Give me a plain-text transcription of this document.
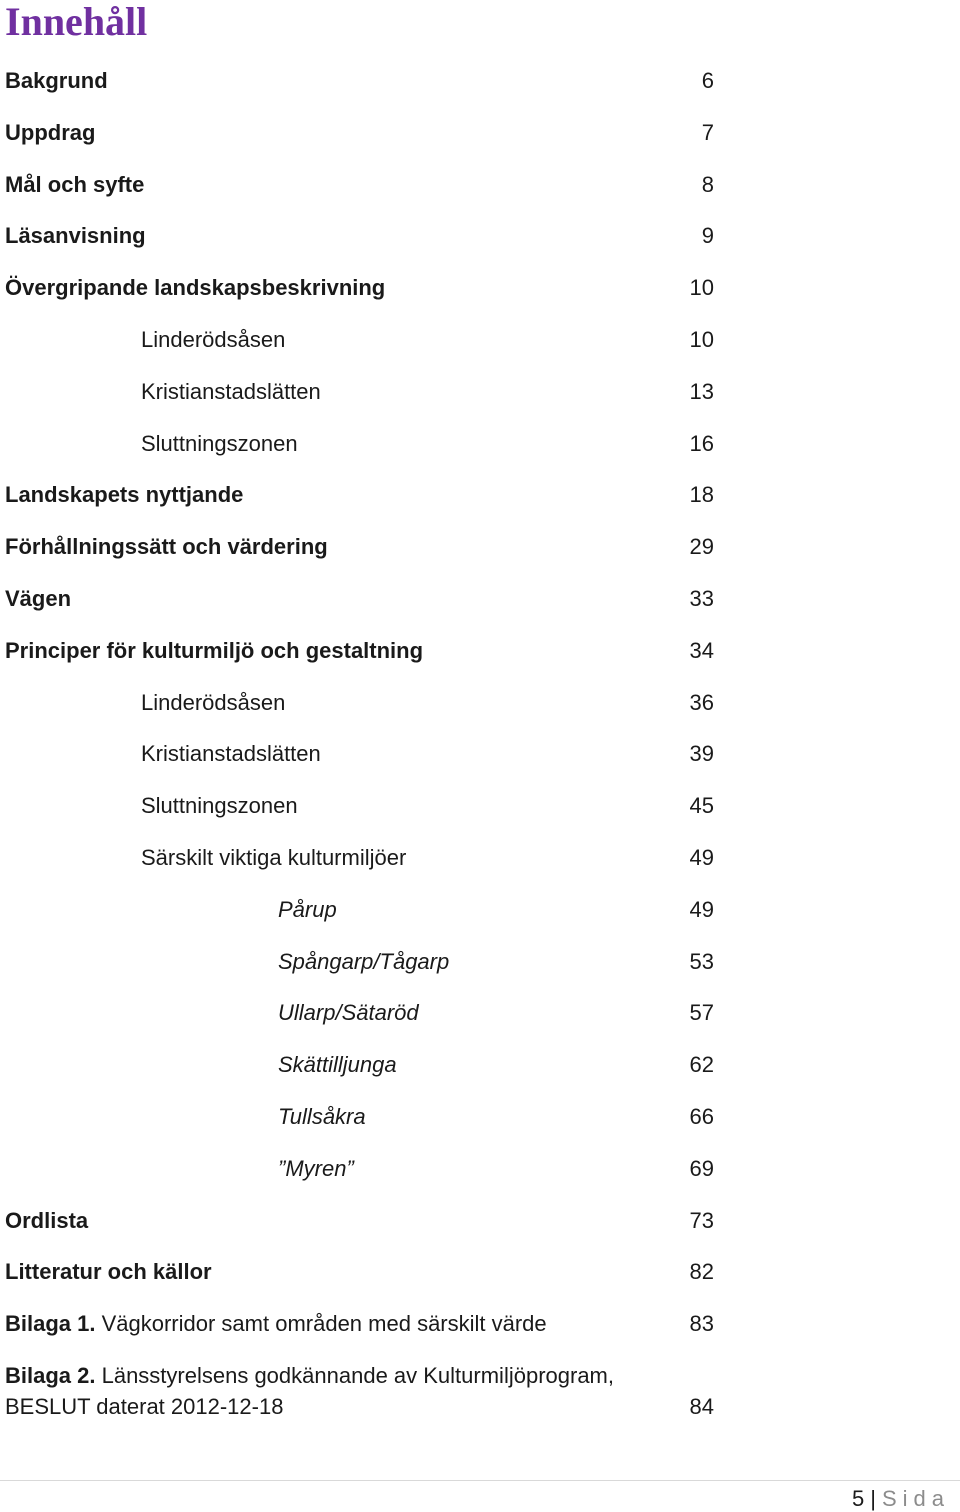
Innehåll
Bakgrund	6
Uppdrag	7
Mål och syfte	8
Läsanvisning	9
Övergripande landskapsbeskrivning	10
Linderödsåsen	10
Kristianstadslätten	13
Sluttningszonen	16
Landskapets nyttjande	18
Förhållningssätt och värdering	29
Vägen	33
Principer för kulturmiljö och gestaltning	34
Linderödsåsen	36
Kristianstadslätten	39
Sluttningszonen	45
Särskilt viktiga kulturmiljöer	49
Pårup	49
Spångarp/Tågarp	53
Ullarp/Sätaröd	57
Skättilljunga	62
Tullsåkra	66
”Myren”	69
Ordlista	73
Litteratur och källor	82
Bilaga 1. Vägkorridor samt områden med särskilt värde	83
Bilaga 2. Länsstyrelsens godkännande av Kulturmiljöprogram,
BESLUT daterat 2012-12-18	84
5 | Sida
